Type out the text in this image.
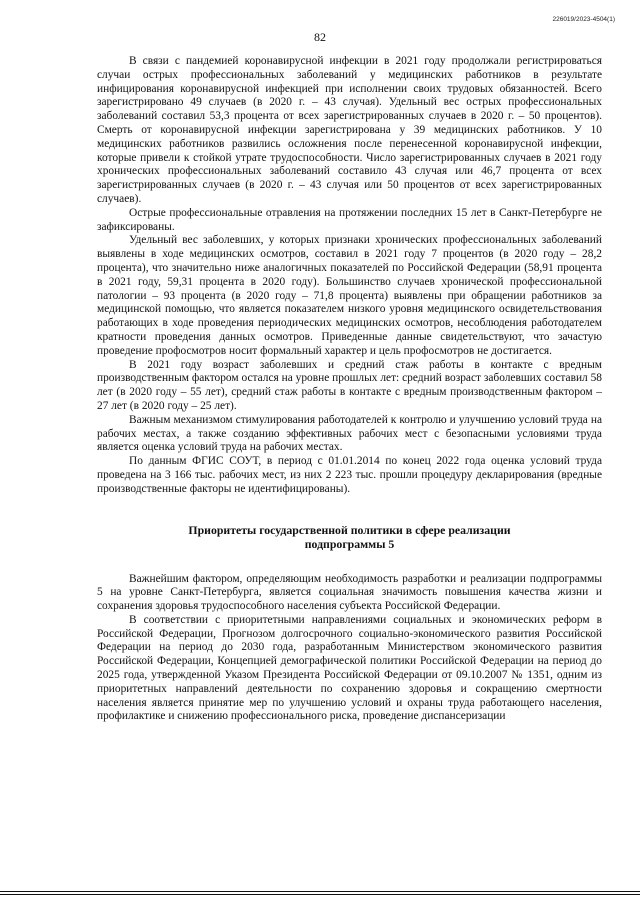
226019/2023-4504(1)
82

В связи с пандемией коронавирусной инфекции в 2021 году продолжали регистрироваться случаи острых профессиональных заболеваний у медицинских работников в результате инфицирования коронавирусной инфекцией при исполнении своих трудовых обязанностей. Всего зарегистрировано 49 случаев (в 2020 г. – 43 случая). Удельный вес острых профессиональных заболеваний составил 53,3 процента от всех зарегистрированных случаев в 2020 г. – 50 процентов). Смерть от коронавирусной инфекции зарегистрирована у 39 медицинских работников. У 10 медицинских работников развились осложнения после перенесенной коронавирусной инфекции, которые привели к стойкой утрате трудоспособности. Число зарегистрированных случаев в 2021 году хронических профессиональных заболеваний составило 43 случая или 46,7 процента от всех зарегистрированных случаев (в 2020 г. – 43 случая или 50 процентов от всех зарегистрированных случаев).

Острые профессиональные отравления на протяжении последних 15 лет в Санкт-Петербурге не зафиксированы.

Удельный вес заболевших, у которых признаки хронических профессиональных заболеваний выявлены в ходе медицинских осмотров, составил в 2021 году 7 процентов (в 2020 году – 28,2 процента), что значительно ниже аналогичных показателей по Российской Федерации (58,91 процента в 2021 году, 59,31 процента в 2020 году). Большинство случаев хронической профессиональной патологии – 93 процента (в 2020 году – 71,8 процента) выявлены при обращении работников за медицинской помощью, что является показателем низкого уровня медицинского освидетельствования работающих в ходе проведения периодических медицинских осмотров, несоблюдения работодателем кратности проведения данных осмотров. Приведенные данные свидетельствуют, что зачастую проведение профосмотров носит формальный характер и цель профосмотров не достигается.

В 2021 году возраст заболевших и средний стаж работы в контакте с вредным производственным фактором остался на уровне прошлых лет: средний возраст заболевших составил 58 лет (в 2020 году – 55 лет), средний стаж работы в контакте с вредным производственным фактором – 27 лет (в 2020 году – 25 лет).

Важным механизмом стимулирования работодателей к контролю и улучшению условий труда на рабочих местах, а также созданию эффективных рабочих мест с безопасными условиями труда является оценка условий труда на рабочих местах.

По данным ФГИС СОУТ, в период с 01.01.2014 по конец 2022 года оценка условий труда проведена на 3 166 тыс. рабочих мест, из них 2 223 тыс. прошли процедуру декларирования (вредные производственные факторы не идентифицированы).

Приоритеты государственной политики в сфере реализации
подпрограммы 5

Важнейшим фактором, определяющим необходимость разработки и реализации подпрограммы 5 на уровне Санкт-Петербурга, является социальная значимость повышения качества жизни и сохранения здоровья трудоспособного населения субъекта Российской Федерации.

В соответствии с приоритетными направлениями социальных и экономических реформ в Российской Федерации, Прогнозом долгосрочного социально-экономического развития Российской Федерации на период до 2030 года, разработанным Министерством экономического развития Российской Федерации, Концепцией демографической политики Российской Федерации на период до 2025 года, утвержденной Указом Президента Российской Федерации от 09.10.2007 № 1351, одним из приоритетных направлений деятельности по сохранению здоровья и сокращению смертности населения является принятие мер по улучшению условий и охраны труда работающего населения, профилактике и снижению профессионального риска, проведение диспансеризации
